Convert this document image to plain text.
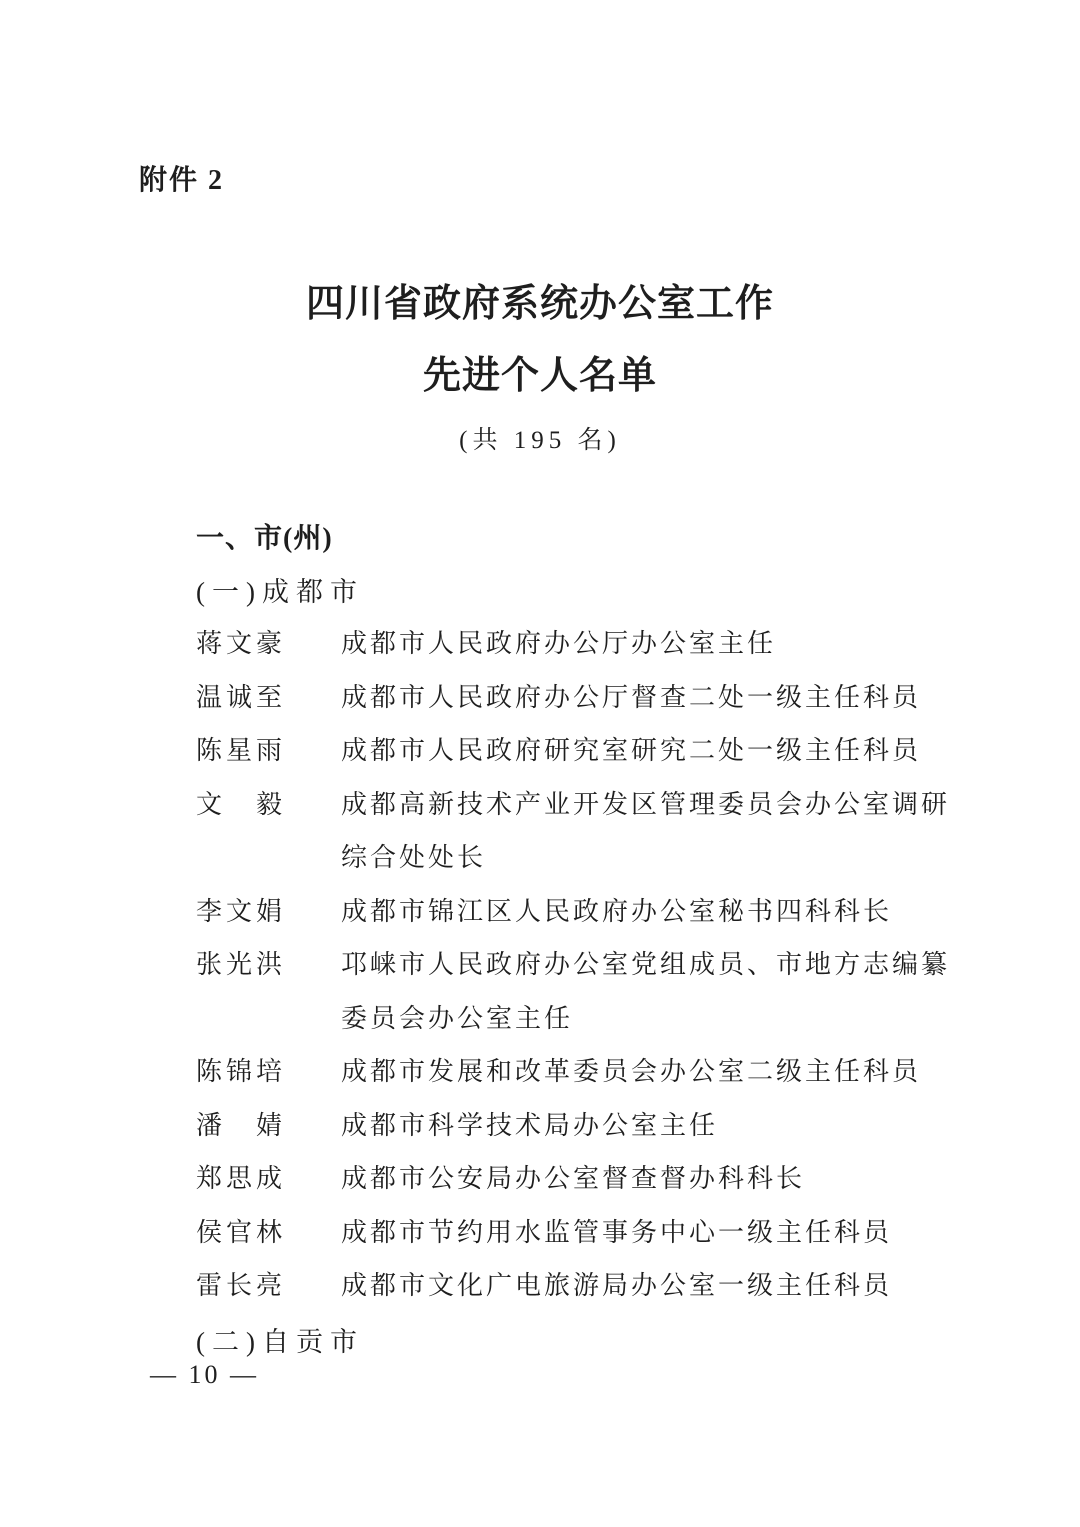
附件 2
四川省政府系统办公室工作
先进个人名单
(共 195 名)
一、市(州)
(一)成都市
蒋文豪 成都市人民政府办公厅办公室主任
温诚至 成都市人民政府办公厅督查二处一级主任科员
陈星雨 成都市人民政府研究室研究二处一级主任科员
文毅 成都高新技术产业开发区管理委员会办公室调研综合处处长
李文娟 成都市锦江区人民政府办公室秘书四科科长
张光洪 邛崃市人民政府办公室党组成员、市地方志编纂委员会办公室主任
陈锦培 成都市发展和改革委员会办公室二级主任科员
潘婧 成都市科学技术局办公室主任
郑思成 成都市公安局办公室督查督办科科长
侯官林 成都市节约用水监管事务中心一级主任科员
雷长亮 成都市文化广电旅游局办公室一级主任科员
(二)自贡市
— 10 —
